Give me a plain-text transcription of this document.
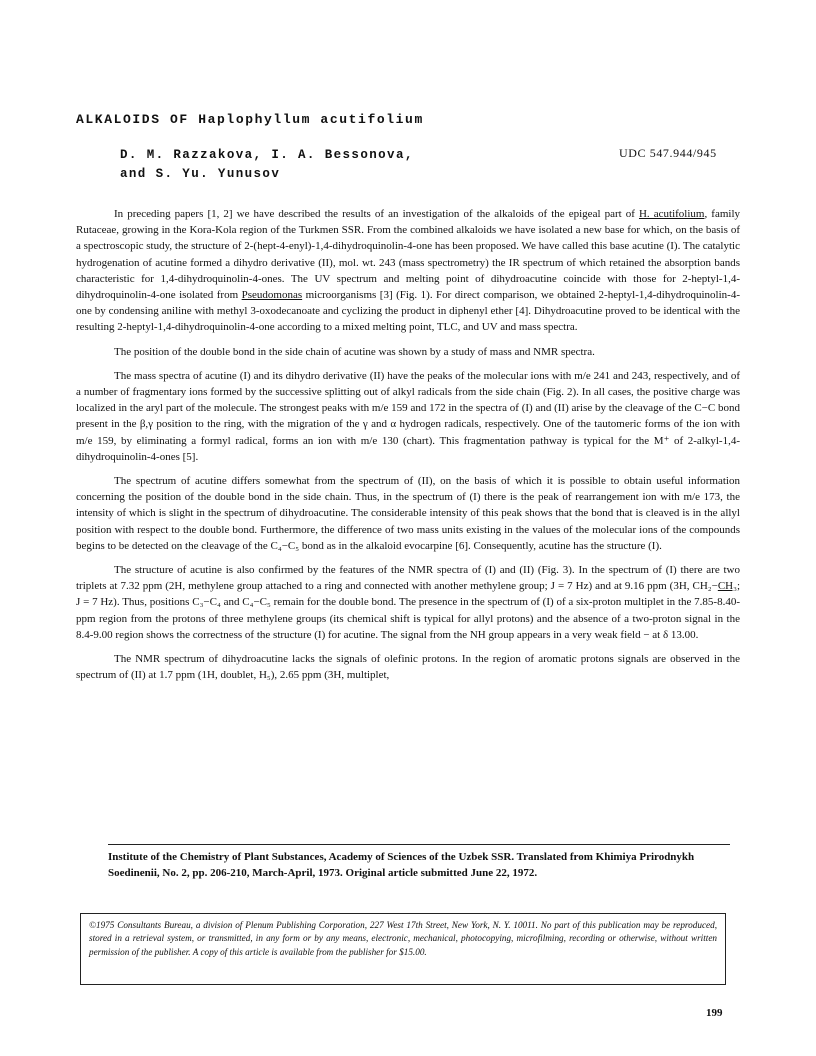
ALKALOIDS OF Haplophyllum acutifolium
D. M. Razzakova, I. A. Bessonova,
and S. Yu. Yunusov
UDC 547.944/945

In preceding papers [1, 2] we have described the results of an investigation of the alkaloids of the epigeal part of H. acutifolium, family Rutaceae, growing in the Kora-Kola region of the Turkmen SSR. From the combined alkaloids we have isolated a new base for which, on the basis of a spectroscopic study, the structure of 2-(hept-4-enyl)-1,4-dihydroquinolin-4-one has been proposed. We have called this base acutine (I). The catalytic hydrogenation of acutine formed a dihydro derivative (II), mol. wt. 243 (mass spectrometry) the IR spectrum of which retained the absorption bands characteristic for 1,4-dihydroquinolin-4-ones. The UV spectrum and melting point of dihydroacutine coincide with those for 2-heptyl-1,4-dihydroquinolin-4-one isolated from Pseudomonas microorganisms [3] (Fig. 1). For direct comparison, we obtained 2-heptyl-1,4-dihydroquinolin-4-one by condensing aniline with methyl 3-oxodecanoate and cyclizing the product in diphenyl ether [4]. Dihydroacutine proved to be identical with the resulting 2-heptyl-1,4-dihydroquinolin-4-one according to a mixed melting point, TLC, and UV and mass spectra.

The position of the double bond in the side chain of acutine was shown by a study of mass and NMR spectra.

The mass spectra of acutine (I) and its dihydro derivative (II) have the peaks of the molecular ions with m/e 241 and 243, respectively, and of a number of fragmentary ions formed by the successive splitting out of alkyl radicals from the side chain (Fig. 2). In all cases, the positive charge was localized in the aryl part of the molecule. The strongest peaks with m/e 159 and 172 in the spectra of (I) and (II) arise by the cleavage of the C−C bond present in the β,γ position to the ring, with the migration of the γ and α hydrogen radicals, respectively. One of the tautomeric forms of the ion with m/e 159, by eliminating a formyl radical, forms an ion with m/e 130 (chart). This fragmentation pathway is typical for the M⁺ of 2-alkyl-1,4-dihydroquinolin-4-ones [5].

The spectrum of acutine differs somewhat from the spectrum of (II), on the basis of which it is possible to obtain useful information concerning the position of the double bond in the side chain. Thus, in the spectrum of (I) there is the peak of rearrangement ion with m/e 173, the intensity of which is slight in the spectrum of dihydroacutine. The considerable intensity of this peak shows that the bond that is cleaved is in the allyl position with respect to the double bond. Furthermore, the difference of two mass units existing in the values of the molecular ions of the compounds begins to be detected on the cleavage of the C₄−C₅ bond as in the alkaloid evocarpine [6]. Consequently, acutine has the structure (I).

The structure of acutine is also confirmed by the features of the NMR spectra of (I) and (II) (Fig. 3). In the spectrum of (I) there are two triplets at 7.32 ppm (2H, methylene group attached to a ring and connected with another methylene group; J = 7 Hz) and at 9.16 ppm (3H, CH₂−CH₃; J = 7 Hz). Thus, positions C₃−C₄ and C₄−C₅ remain for the double bond. The presence in the spectrum of (I) of a six-proton multiplet in the 7.85-8.40-ppm region from the protons of three methylene groups (its chemical shift is typical for allyl protons) and the absence of a two-proton signal in the 8.4-9.00 region shows the correctness of the structure (I) for acutine. The signal from the NH group appears in a very weak field − at δ 13.00.

The NMR spectrum of dihydroacutine lacks the signals of olefinic protons. In the region of aromatic protons signals are observed in the spectrum of (II) at 1.7 ppm (1H, doublet, H₅), 2.65 ppm (3H, multiplet,

Institute of the Chemistry of Plant Substances, Academy of Sciences of the Uzbek SSR. Translated from Khimiya Prirodnykh Soedinenii, No. 2, pp. 206-210, March-April, 1973. Original article submitted June 22, 1972.
©1975 Consultants Bureau, a division of Plenum Publishing Corporation, 227 West 17th Street, New York, N. Y. 10011. No part of this publication may be reproduced, stored in a retrieval system, or transmitted, in any form or by any means, electronic, mechanical, photocopying, microfilming, recording or otherwise, without written permission of the publisher. A copy of this article is available from the publisher for $15.00.
199
